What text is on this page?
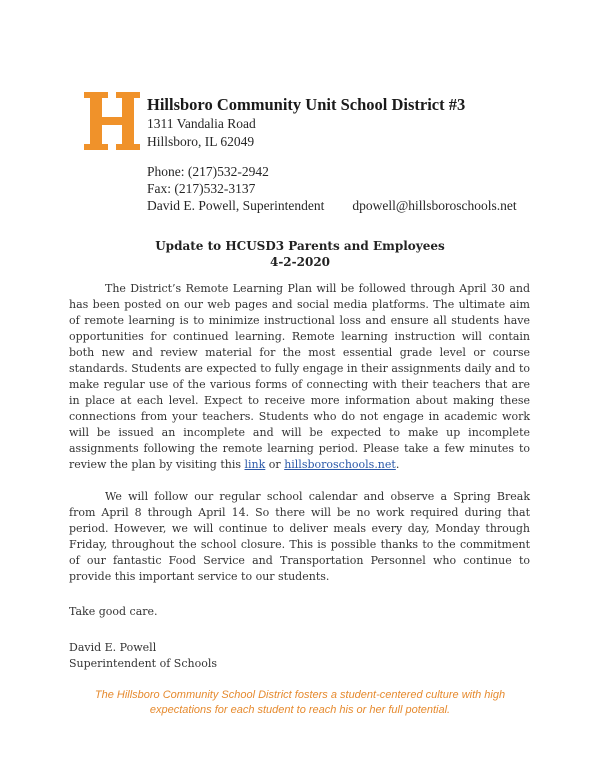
Hillsboro Community Unit School District #3
1311 Vandalia Road
Hillsboro, IL 62049
Phone: (217)532-2942
Fax: (217)532-3137
David E. Powell, Superintendent dpowell@hillsboroschools.net
Update to HCUSD3 Parents and Employees
4-2-2020

The District’s Remote Learning Plan will be followed through April 30 and has been posted on our web pages and social media platforms. The ultimate aim of remote learning is to minimize instructional loss and ensure all students have opportunities for continued learning. Remote learning instruction will contain both new and review material for the most essential grade level or course standards. Students are expected to fully engage in their assignments daily and to make regular use of the various forms of connecting with their teachers that are in place at each level. Expect to receive more information about making these connections from your teachers. Students who do not engage in academic work will be issued an incomplete and will be expected to make up incomplete assignments following the remote learning period. Please take a few minutes to review the plan by visiting this link or hillsboroschools.net.

We will follow our regular school calendar and observe a Spring Break from April 8 through April 14. So there will be no work required during that period. However, we will continue to deliver meals every day, Monday through Friday, throughout the school closure. This is possible thanks to the commitment of our fantastic Food Service and Transportation Personnel who continue to provide this important service to our students.

Take good care.
David E. Powell
Superintendent of Schools
The Hillsboro Community School District fosters a student-centered culture with high
expectations for each student to reach his or her full potential.
